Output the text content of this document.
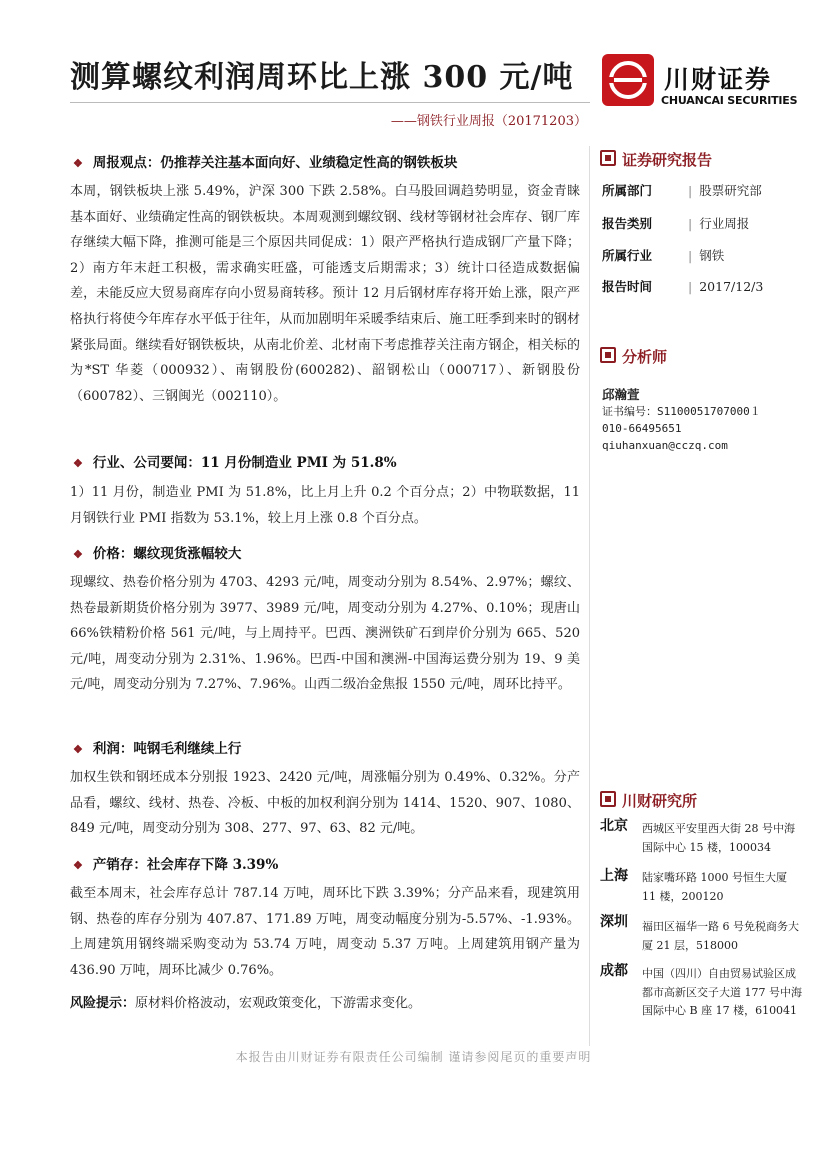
测算螺纹利润周环比上涨 300 元/吨
——钢铁行业周报（20171203）
川财证券
CHUANCAI SECURITIES
❖ 周报观点：仍推荐关注基本面向好、业绩稳定性高的钢铁板块
本周，钢铁板块上涨 5.49%，沪深 300 下跌 2.58%。白马股回调趋势明显，资金青睐基本面好、业绩确定性高的钢铁板块。本周观测到螺纹钢、线材等钢材社会库存、钢厂库存继续大幅下降，推测可能是三个原因共同促成：1）限产严格执行造成钢厂产量下降；2）南方年末赶工积极，需求确实旺盛，可能透支后期需求；3）统计口径造成数据偏差，未能反应大贸易商库存向小贸易商转移。预计 12 月后钢材库存将开始上涨，限产严格执行将使今年库存水平低于往年，从而加剧明年采暖季结束后、施工旺季到来时的钢材紧张局面。继续看好钢铁板块，从南北价差、北材南下考虑推荐关注南方钢企，相关标的为*ST 华菱（000932）、南钢股份(600282)、韶钢松山（000717）、新钢股份（600782）、三钢闽光（002110）。
❖ 行业、公司要闻：11 月份制造业 PMI 为 51.8%
1）11 月份，制造业 PMI 为 51.8%，比上月上升 0.2 个百分点；2）中物联数据，11 月钢铁行业 PMI 指数为 53.1%，较上月上涨 0.8 个百分点。
❖ 价格：螺纹现货涨幅较大
现螺纹、热卷价格分别为 4703、4293 元/吨，周变动分别为 8.54%、2.97%；螺纹、热卷最新期货价格分别为 3977、3989 元/吨，周变动分别为 4.27%、0.10%；现唐山 66%铁精粉价格 561 元/吨，与上周持平。巴西、澳洲铁矿石到岸价分别为 665、520 元/吨，周变动分别为 2.31%、1.96%。巴西-中国和澳洲-中国海运费分别为 19、9 美元/吨，周变动分别为 7.27%、7.96%。山西二级冶金焦报 1550 元/吨，周环比持平。
❖ 利润：吨钢毛利继续上行
加权生铁和钢坯成本分别报 1923、2420 元/吨，周涨幅分别为 0.49%、0.32%。分产品看，螺纹、线材、热卷、冷板、中板的加权利润分别为 1414、1520、907、1080、849 元/吨，周变动分别为 308、277、97、63、82 元/吨。
❖ 产销存：社会库存下降 3.39%
截至本周末，社会库存总计 787.14 万吨，周环比下跌 3.39%；分产品来看，现建筑用钢、热卷的库存分别为 407.87、171.89 万吨，周变动幅度分别为-5.57%、-1.93%。上周建筑用钢终端采购变动为 53.74 万吨，周变动 5.37 万吨。上周建筑用钢产量为 436.90 万吨，周环比减少 0.76%。
风险提示：原材料价格波动，宏观政策变化，下游需求变化。
证券研究报告
所属部门	| 股票研究部
报告类别	| 行业周报
所属行业	| 钢铁
报告时间	| 2017/12/3
分析师
邱瀚萱
证书编号：S1100051707000１
010-66495651
qiuhanxuan@cczq.com
川财研究所
北京 西城区平安里西大街 28 号中海国际中心 15 楼，100034
上海 陆家嘴环路 1000 号恒生大厦 11 楼，200120
深圳 福田区福华一路 6 号免税商务大厦 21 层，518000
成都 中国（四川）自由贸易试验区成都市高新区交子大道 177 号中海国际中心 B 座 17 楼，610041
本报告由川财证券有限责任公司编制 谨请参阅尾页的重要声明
